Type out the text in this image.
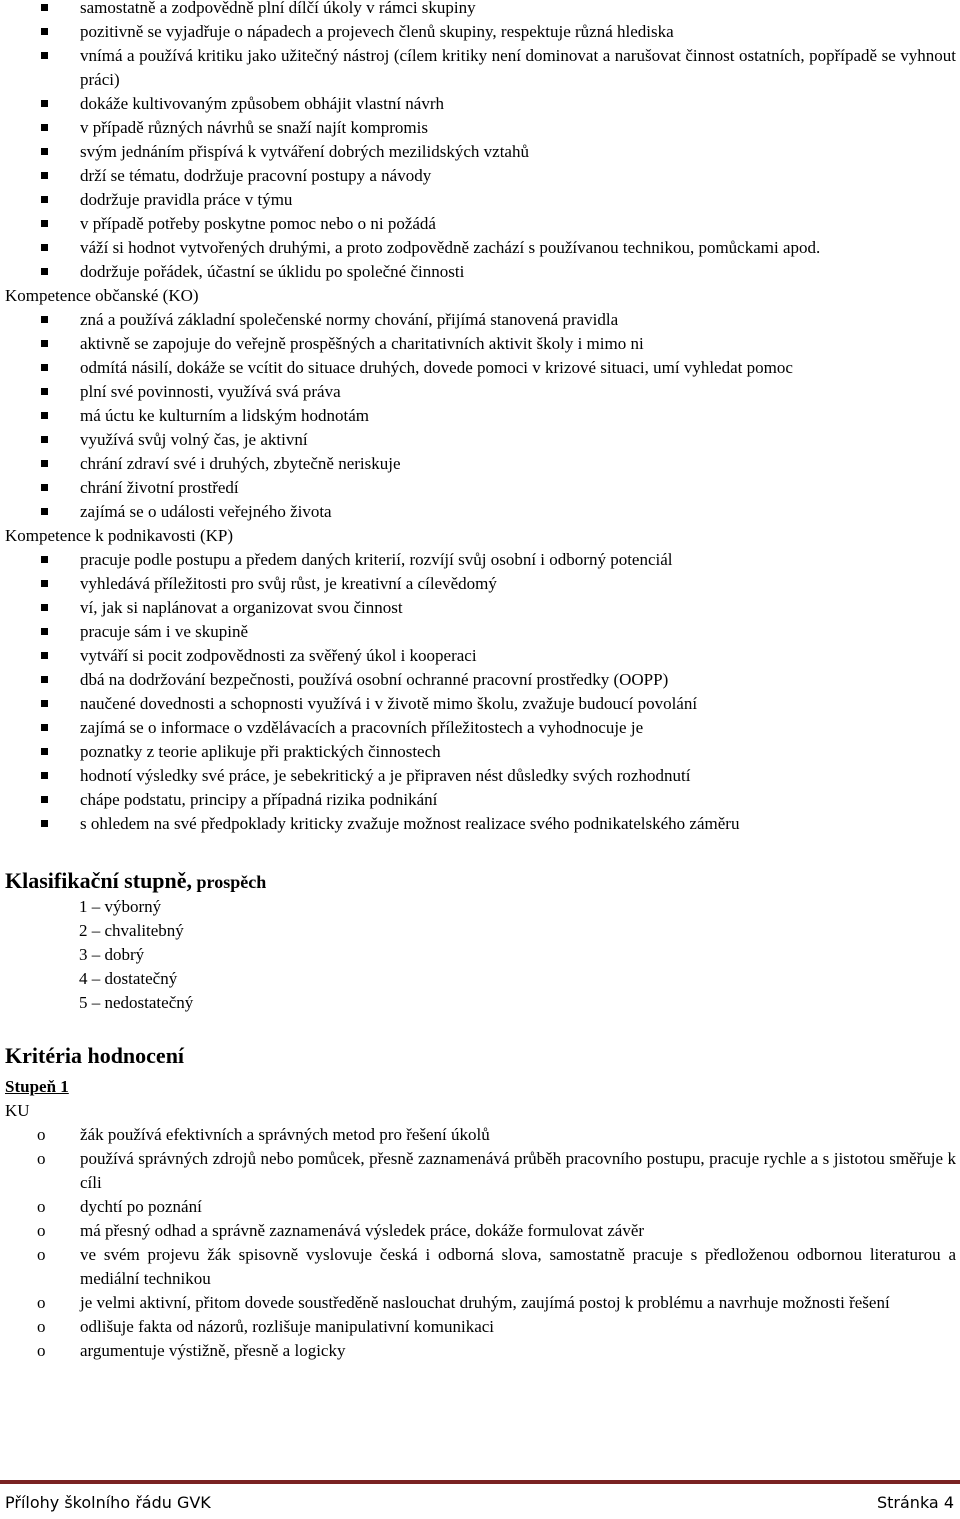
samostatně a zodpovědně plní dílčí úkoly v rámci skupiny
pozitivně se vyjadřuje o nápadech a projevech členů skupiny, respektuje různá hlediska
vnímá a používá kritiku jako užitečný nástroj (cílem kritiky není dominovat a narušovat činnost ostatních, popřípadě se vyhnout práci)
dokáže kultivovaným způsobem obhájit vlastní návrh
v případě různých návrhů se snaží najít kompromis
svým jednáním přispívá k vytváření dobrých mezilidských vztahů
drží se tématu, dodržuje pracovní postupy a návody
dodržuje pravidla práce v týmu
v případě potřeby poskytne pomoc nebo o ni požádá
váží si hodnot vytvořených druhými, a proto zodpovědně zachází s používanou technikou, pomůckami apod.
dodržuje pořádek, účastní se úklidu po společné činnosti
Kompetence občanské (KO)
zná a používá základní společenské normy chování, přijímá stanovená pravidla
aktivně se zapojuje do veřejně prospěšných a charitativních aktivit školy i mimo ni
odmítá násilí, dokáže se vcítit do situace druhých, dovede pomoci v krizové situaci, umí vyhledat pomoc
plní své povinnosti, využívá svá práva
má úctu ke kulturním a lidským hodnotám
využívá svůj volný čas, je aktivní
chrání zdraví své i druhých, zbytečně neriskuje
chrání životní prostředí
zajímá se o události veřejného života
Kompetence k podnikavosti (KP)
pracuje podle postupu a předem daných kriterií, rozvíjí svůj osobní i odborný potenciál
vyhledává příležitosti pro svůj růst, je kreativní a cílevědomý
ví, jak si naplánovat a organizovat svou činnost
pracuje sám i ve skupině
vytváří si pocit zodpovědnosti za svěřený úkol i kooperaci
dbá na dodržování bezpečnosti, používá osobní ochranné pracovní prostředky (OOPP)
naučené dovednosti a schopnosti využívá i v životě mimo školu, zvažuje budoucí povolání
zajímá se o informace o vzdělávacích a pracovních příležitostech a vyhodnocuje je
poznatky z teorie aplikuje při praktických činnostech
hodnotí výsledky své práce, je sebekritický a je připraven nést důsledky svých rozhodnutí
chápe podstatu, principy a případná rizika podnikání
s ohledem na své předpoklady kriticky zvažuje možnost realizace svého podnikatelského záměru
Klasifikační stupně, prospěch
1 – výborný
2 – chvalitebný
3 – dobrý
4 – dostatečný
5 – nedostatečný
Kritéria hodnocení
Stupeň 1
KU
o žák používá efektivních a správných metod pro řešení úkolů
o používá správných zdrojů nebo pomůcek, přesně zaznamenává průběh pracovního postupu, pracuje rychle a s jistotou směřuje k cíli
o dychtí po poznání
o má přesný odhad a správně zaznamenává výsledek práce, dokáže formulovat závěr
o ve svém projevu žák spisovně vyslovuje česká i odborná slova, samostatně pracuje s předloženou odbornou literaturou a mediální technikou
o je velmi aktivní, přitom dovede soustředěně naslouchat druhým, zaujímá postoj k problému a navrhuje možnosti řešení
o odlišuje fakta od názorů, rozlišuje manipulativní komunikaci
o argumentuje výstižně, přesně a logicky
Přílohy školního řádu GVK	Stránka 4
